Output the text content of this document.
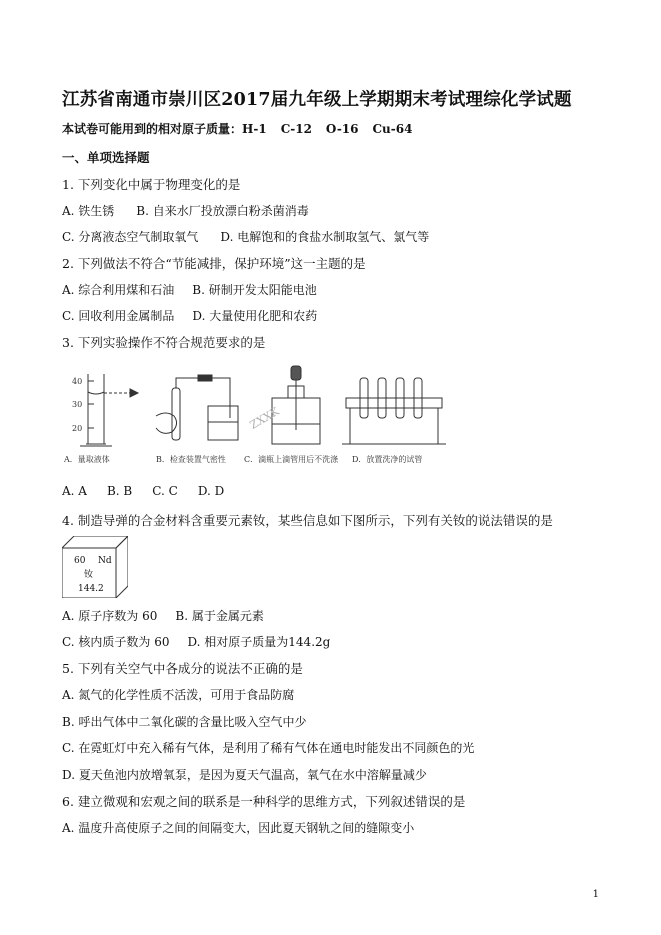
江苏省南通市崇川区2017届九年级上学期期末考试理综化学试题
本试卷可能用到的相对原子质量：H-1 C-12 O-16 Cu-64
一、单项选择题
1. 下列变化中属于物理变化的是
A. 铁生锈 B. 自来水厂投放漂白粉杀菌消毒
C. 分离液态空气制取氧气 D. 电解饱和的食盐水制取氢气、氯气等
2. 下列做法不符合“节能减排，保护环境”这一主题的是
A. 综合利用煤和石油 B. 研制开发太阳能电池
C. 回收利用金属制品 D. 大量使用化肥和农药
3. 下列实验操作不符合规范要求的是
40
30
20	ZXXK
A．量取液体	B．检查装置气密性 C．滴瓶上滴管用后不洗涤 D．放置洗净的试管
A. A B. B C. C D. D
4. 制造导弹的合金材料含重要元素钕，某些信息如下图所示，下列有关钕的说法错误的是
60 Nd
钕
144.2
A. 原子序数为 60 B. 属于金属元素
C. 核内质子数为 60 D. 相对原子质量为144.2g
5. 下列有关空气中各成分的说法不正确的是
A. 氮气的化学性质不活泼，可用于食品防腐
B. 呼出气体中二氧化碳的含量比吸入空气中少
C. 在霓虹灯中充入稀有气体，是利用了稀有气体在通电时能发出不同颜色的光
D. 夏天鱼池内放增氧泵，是因为夏天气温高，氧气在水中溶解量减少
6. 建立微观和宏观之间的联系是一种科学的思维方式，下列叙述错误的是
A. 温度升高使原子之间的间隔变大，因此夏天钢轨之间的缝隙变小
1
